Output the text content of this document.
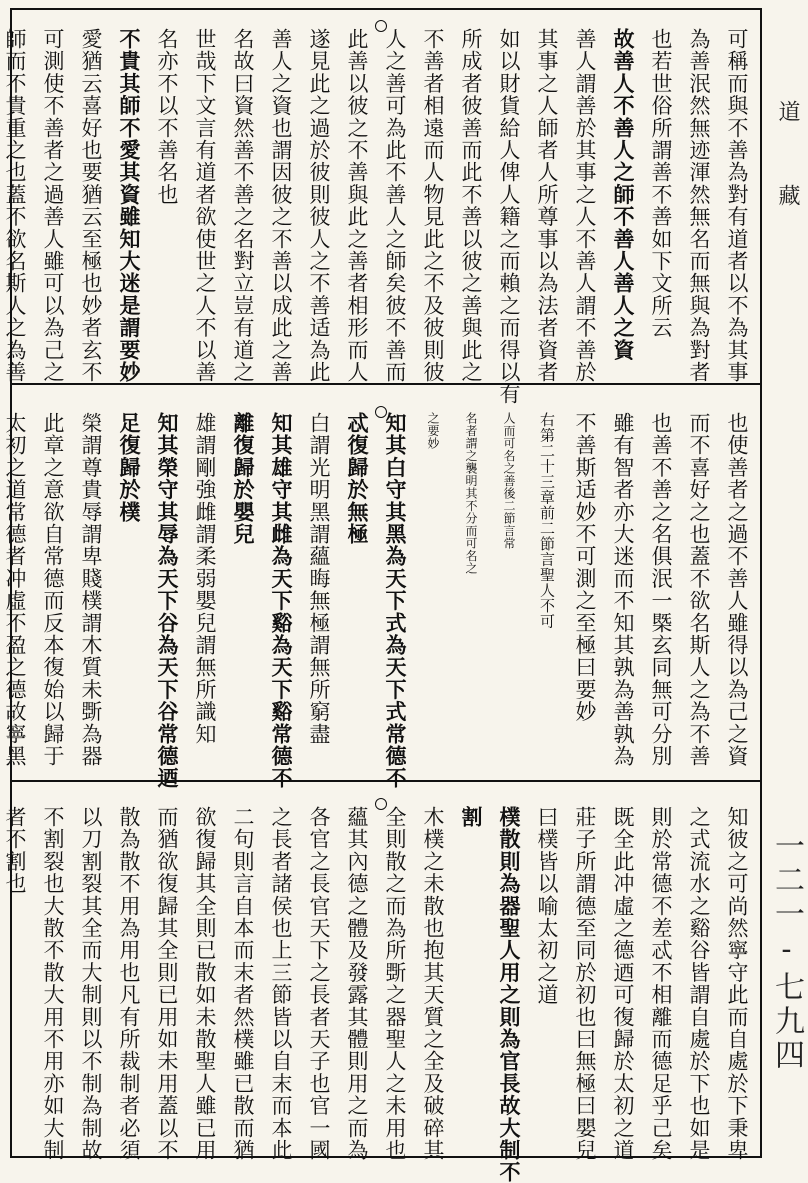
可稱而與不善為對有道者以不為其事
為善泯然無迹渾然無名而無與為對者
也若世俗所謂善不善如下文所云
故善人不善人之師不善人善人之資
善人謂善於其事之人不善人謂不善於
其事之人師者人所尊事以為法者資者
如以財貨給人俾人籍之而賴之而得以有
所成者彼善而此不善以彼之善與此之
不善者相遠而人物見此之不及彼則彼
人之善可為此不善人之師矣彼不善而
此善以彼之不善與此之善者相形而人
遂見此之過於彼則彼人之不善适為此
善人之資也謂因彼之不善以成此之善
名故曰資然善不善之名對立豈有道之
世哉下文言有道者欲使世之人不以善
名亦不以不善名也
不貴其師不愛其資雖知大迷是謂要妙
愛猶云喜好也要猶云至極也妙者玄不
可測使不善者之過善人雖可以為己之
師而不貴重之也蓋不欲名斯人之為善
也使善者之過不善人雖得以為己之資
而不喜好之也蓋不欲名斯人之為不善
也善不善之名俱泯一槩玄同無可分別
雖有智者亦大迷而不知其孰為善孰為
不善斯适妙不可測之至極曰要妙
右第二十三章前二節言聖人不可
人而可名之善後二節言常
名者謂之襲明其不分而可名之
之要妙
知其白守其黑為天下式為天下式常德不
忒復歸於無極
白謂光明黑謂蘊晦無極謂無所窮盡
知其雄守其雌為天下谿為天下谿常德不
離復歸於嬰兒
雄謂剛強雌謂柔弱嬰兒謂無所識知
知其榮守其辱為天下谷為天下谷常德迺
足復歸於樸
榮謂尊貴辱謂卑賤樸謂木質未斲為器
此章之意欲自常德而反本復始以歸于
太初之道常德者冲虛不盈之德故寧黑
知彼之可尚然寧守此而自處於下秉卑
之式流水之谿谷皆謂自處於下也如是
則於常德不差忒不相離而德足乎己矣
既全此冲虛之德迺可復歸於太初之道
莊子所謂德至同於初也曰無極曰嬰兒
曰樸皆以喻太初之道
樸散則為器聖人用之則為官長故大制不
割
木樸之未散也抱其天質之全及破碎其
全則散之而為所斲之器聖人之未用也
蘊其內德之體及發露其體則用之而為
各官之長官天下之長者天子也官一國
之長者諸侯也上三節皆以自末而本此
二句則言自本而末者然樸雖已散而猶
欲復歸其全則已散如未散聖人雖已用
而猶欲復歸其全則已用如未用蓋以不
散為散不用為用也凡有所裁制者必須
以刀割裂其全而大制則以不制為制故
不割裂也大散不散大用不用亦如大制
者不割也
道藏
一二一-七九四
